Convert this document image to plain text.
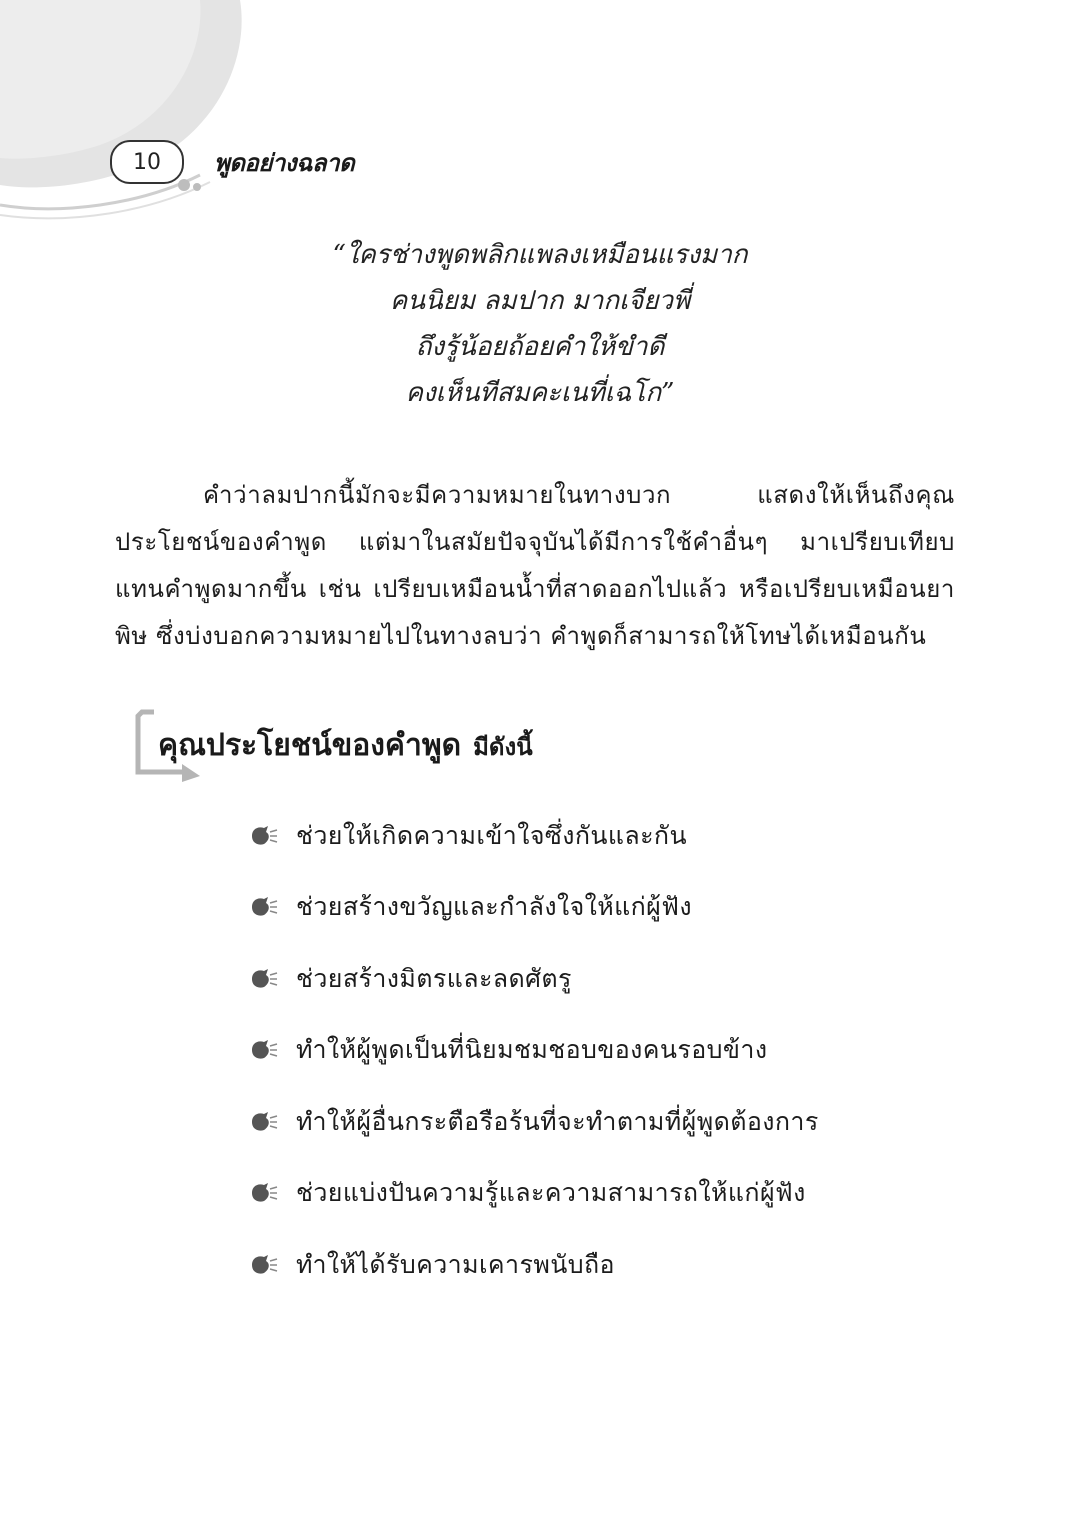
10	พูดอย่างฉลาด
“ใครช่างพูดพลิกแพลงเหมือนแรงมาก
คนนิยม ลมปาก มากเจียวพี่
ถึงรู้น้อยถ้อยคำให้ขำดี
คงเห็นทีสมคะเนที่เฉโก”

คำว่าลมปากนี้มักจะมีความหมายในทางบวก แสดงให้เห็นถึงคุณประโยชน์ของคำพูด แต่มาในสมัยปัจจุบันได้มีการใช้คำอื่นๆ มาเปรียบเทียบแทนคำพูดมากขึ้น เช่น เปรียบเหมือนน้ำที่สาดออกไปแล้ว หรือเปรียบเหมือนยาพิษ ซึ่งบ่งบอกความหมายไปในทางลบว่า คำพูดก็สามารถให้โทษได้เหมือนกัน

คุณประโยชน์ของคำพูด มีดังนี้
ช่วยให้เกิดความเข้าใจซึ่งกันและกัน
ช่วยสร้างขวัญและกำลังใจให้แก่ผู้ฟัง
ช่วยสร้างมิตรและลดศัตรู
ทำให้ผู้พูดเป็นที่นิยมชมชอบของคนรอบข้าง
ทำให้ผู้อื่นกระตือรือร้นที่จะทำตามที่ผู้พูดต้องการ
ช่วยแบ่งปันความรู้และความสามารถให้แก่ผู้ฟัง
ทำให้ได้รับความเคารพนับถือ
